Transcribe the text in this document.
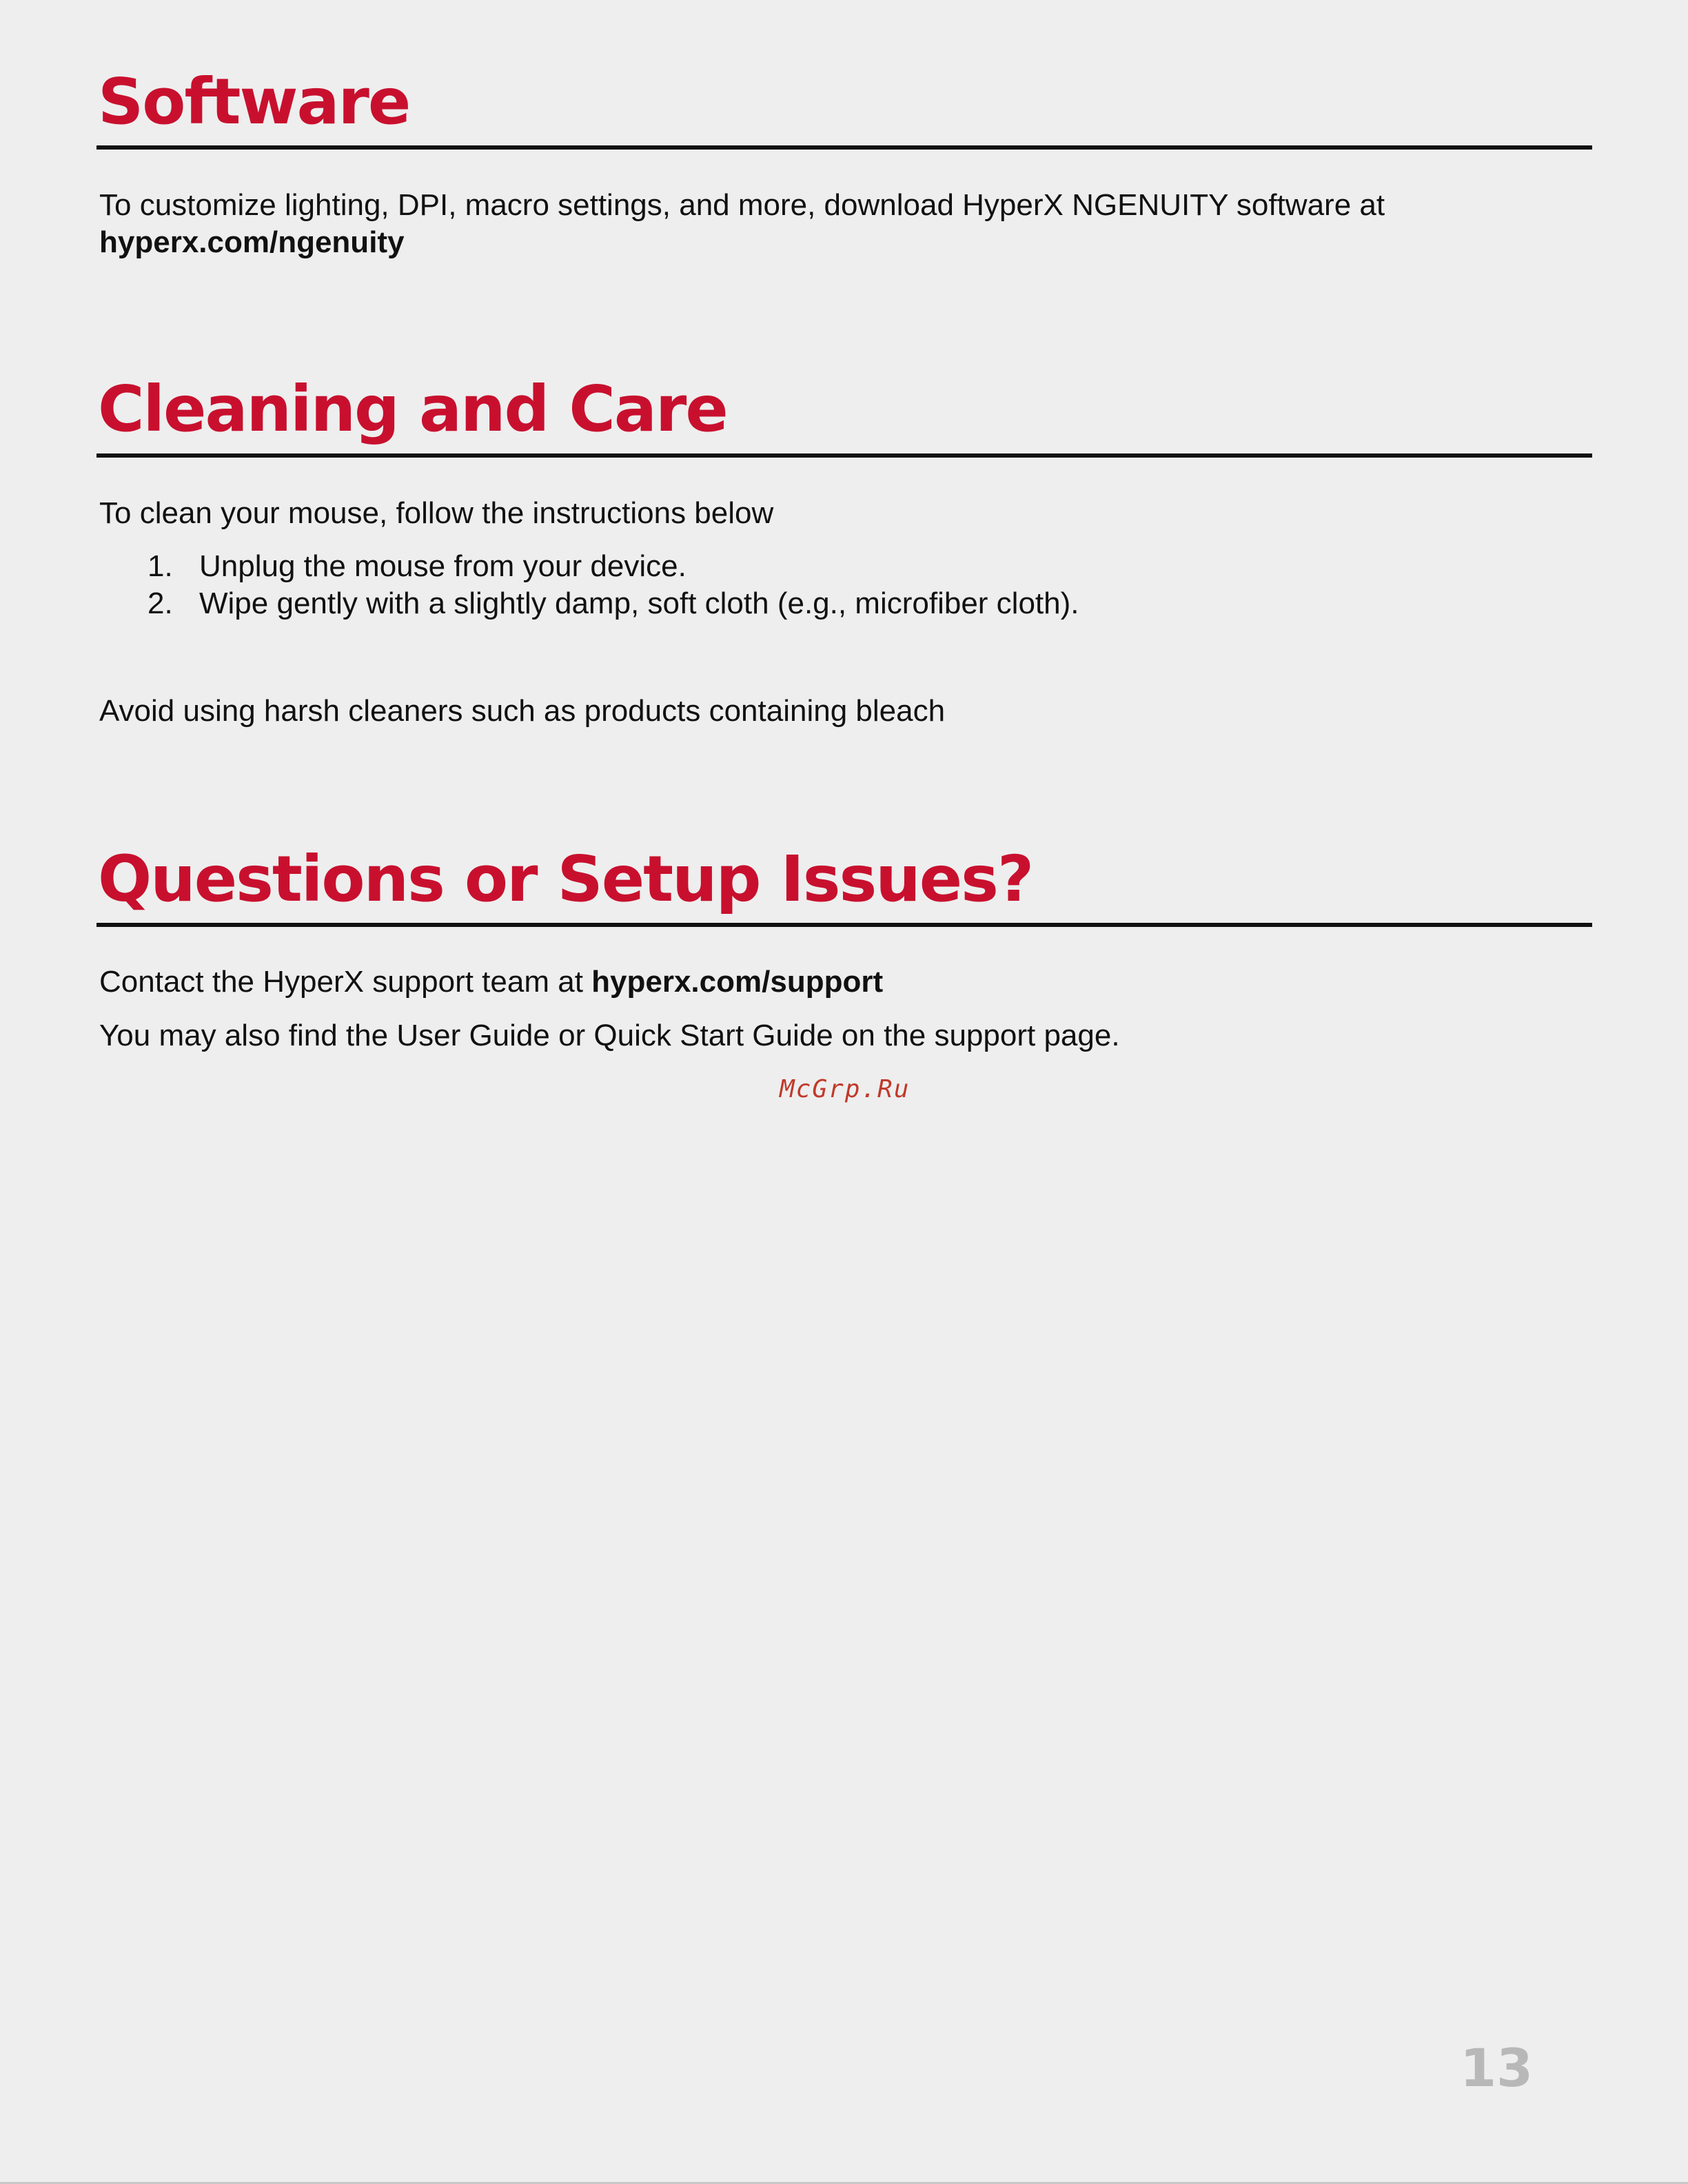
Software

To customize lighting, DPI, macro settings, and more, download HyperX NGENUITY software at

hyperx.com/ngenuity

Cleaning and Care

To clean your mouse, follow the instructions below

1. Unplug the mouse from your device.

2. Wipe gently with a slightly damp, soft cloth (e.g., microfiber cloth).

Avoid using harsh cleaners such as products containing bleach

Questions or Setup Issues?

Contact the HyperX support team at hyperx.com/support

You may also find the User Guide or Quick Start Guide on the support page.

McGrp.Ru
13
